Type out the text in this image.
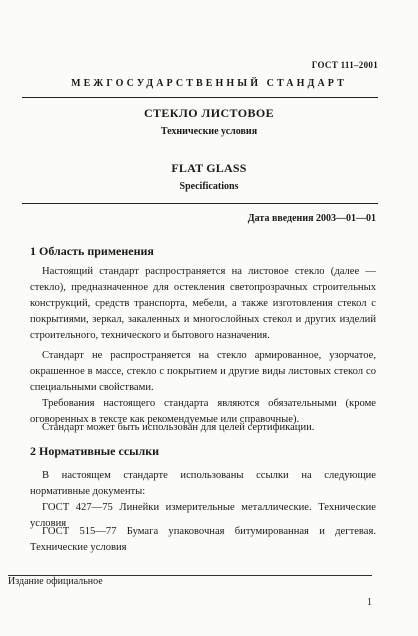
ГОСТ 111–2001
МЕЖГОСУДАРСТВЕННЫЙ СТАНДАРТ
СТЕКЛО ЛИСТОВОЕ
Технические условия
FLAT GLASS
Specifications
Дата введения 2003—01—01
1 Область применения
Настоящий стандарт распространяется на листовое стекло (далее — стекло), предназначенное для остекления светопрозрачных строительных конструкций, средств транспорта, мебели, а также изготовления стекол с покрытиями, зеркал, закаленных и многослойных стекол и других изделий строительного, технического и бытового назначения.
Стандарт не распространяется на стекло армированное, узорчатое, окрашенное в массе, стекло с покрытием и другие виды листовых стекол со специальными свойствами.
Требования настоящего стандарта являются обязательными (кроме оговоренных в тексте как рекомендуемые или справочные).
Стандарт может быть использован для целей сертификации.
2 Нормативные ссылки
В настоящем стандарте использованы ссылки на следующие нормативные документы:
ГОСТ 427—75 Линейки измерительные металлические. Технические условия
ГОСТ 515—77 Бумага упаковочная битумированная и дегтевая. Технические условия
Издание официальное
1
